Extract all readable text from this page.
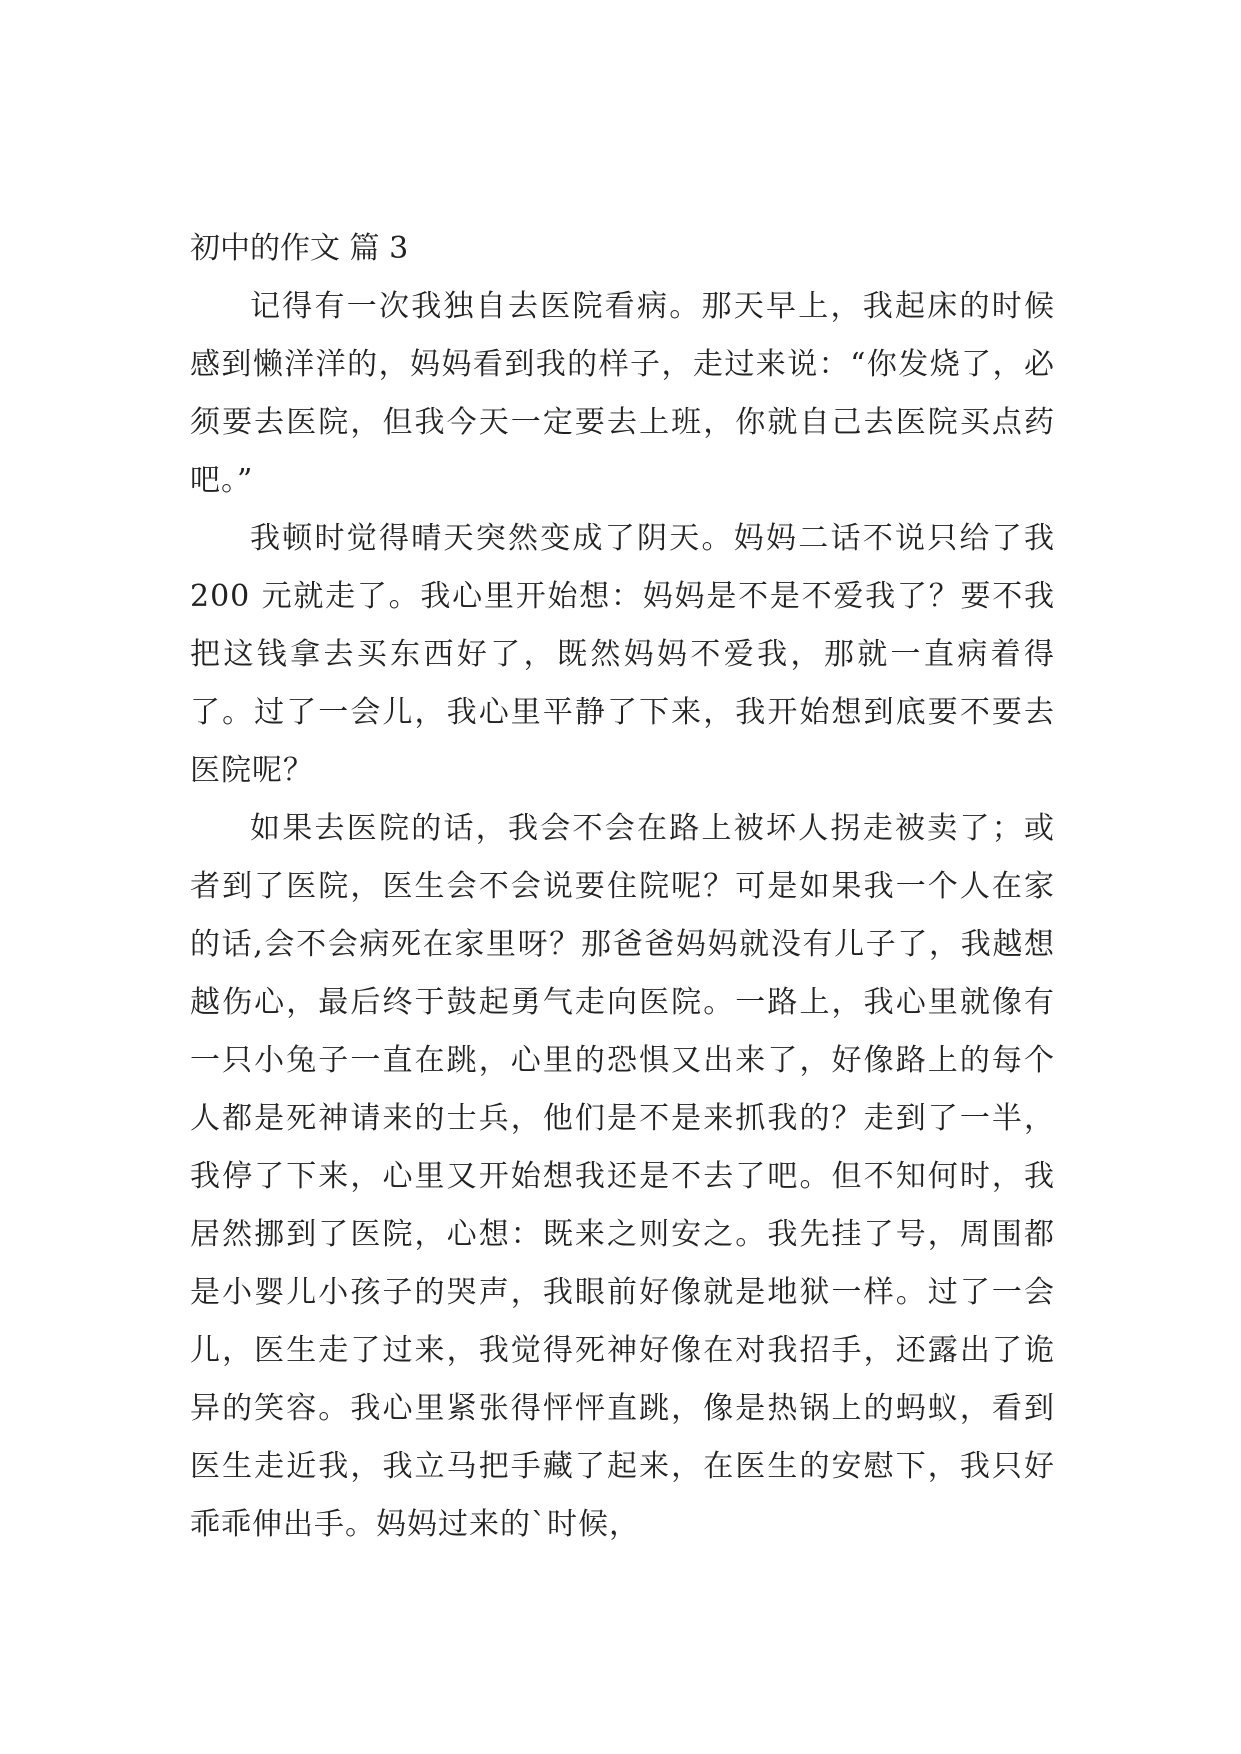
初中的作文 篇 3

记得有一次我独自去医院看病。那天早上，我起床的时候感到懒洋洋的，妈妈看到我的样子，走过来说：“你发烧了，必须要去医院，但我今天一定要去上班，你就自己去医院买点药吧。”

我顿时觉得晴天突然变成了阴天。妈妈二话不说只给了我 200 元就走了。我心里开始想：妈妈是不是不爱我了？要不我把这钱拿去买东西好了，既然妈妈不爱我，那就一直病着得了。过了一会儿，我心里平静了下来，我开始想到底要不要去医院呢？

如果去医院的话，我会不会在路上被坏人拐走被卖了；或者到了医院，医生会不会说要住院呢？可是如果我一个人在家的话,会不会病死在家里呀？那爸爸妈妈就没有儿子了，我越想越伤心，最后终于鼓起勇气走向医院。一路上，我心里就像有一只小兔子一直在跳，心里的恐惧又出来了，好像路上的每个人都是死神请来的士兵，他们是不是来抓我的？走到了一半，我停了下来，心里又开始想我还是不去了吧。但不知何时，我居然挪到了医院，心想：既来之则安之。我先挂了号，周围都是小婴儿小孩子的哭声，我眼前好像就是地狱一样。过了一会儿，医生走了过来，我觉得死神好像在对我招手，还露出了诡异的笑容。我心里紧张得怦怦直跳，像是热锅上的蚂蚁，看到医生走近我，我立马把手藏了起来，在医生的安慰下，我只好乖乖伸出手。妈妈过来的`时候，
